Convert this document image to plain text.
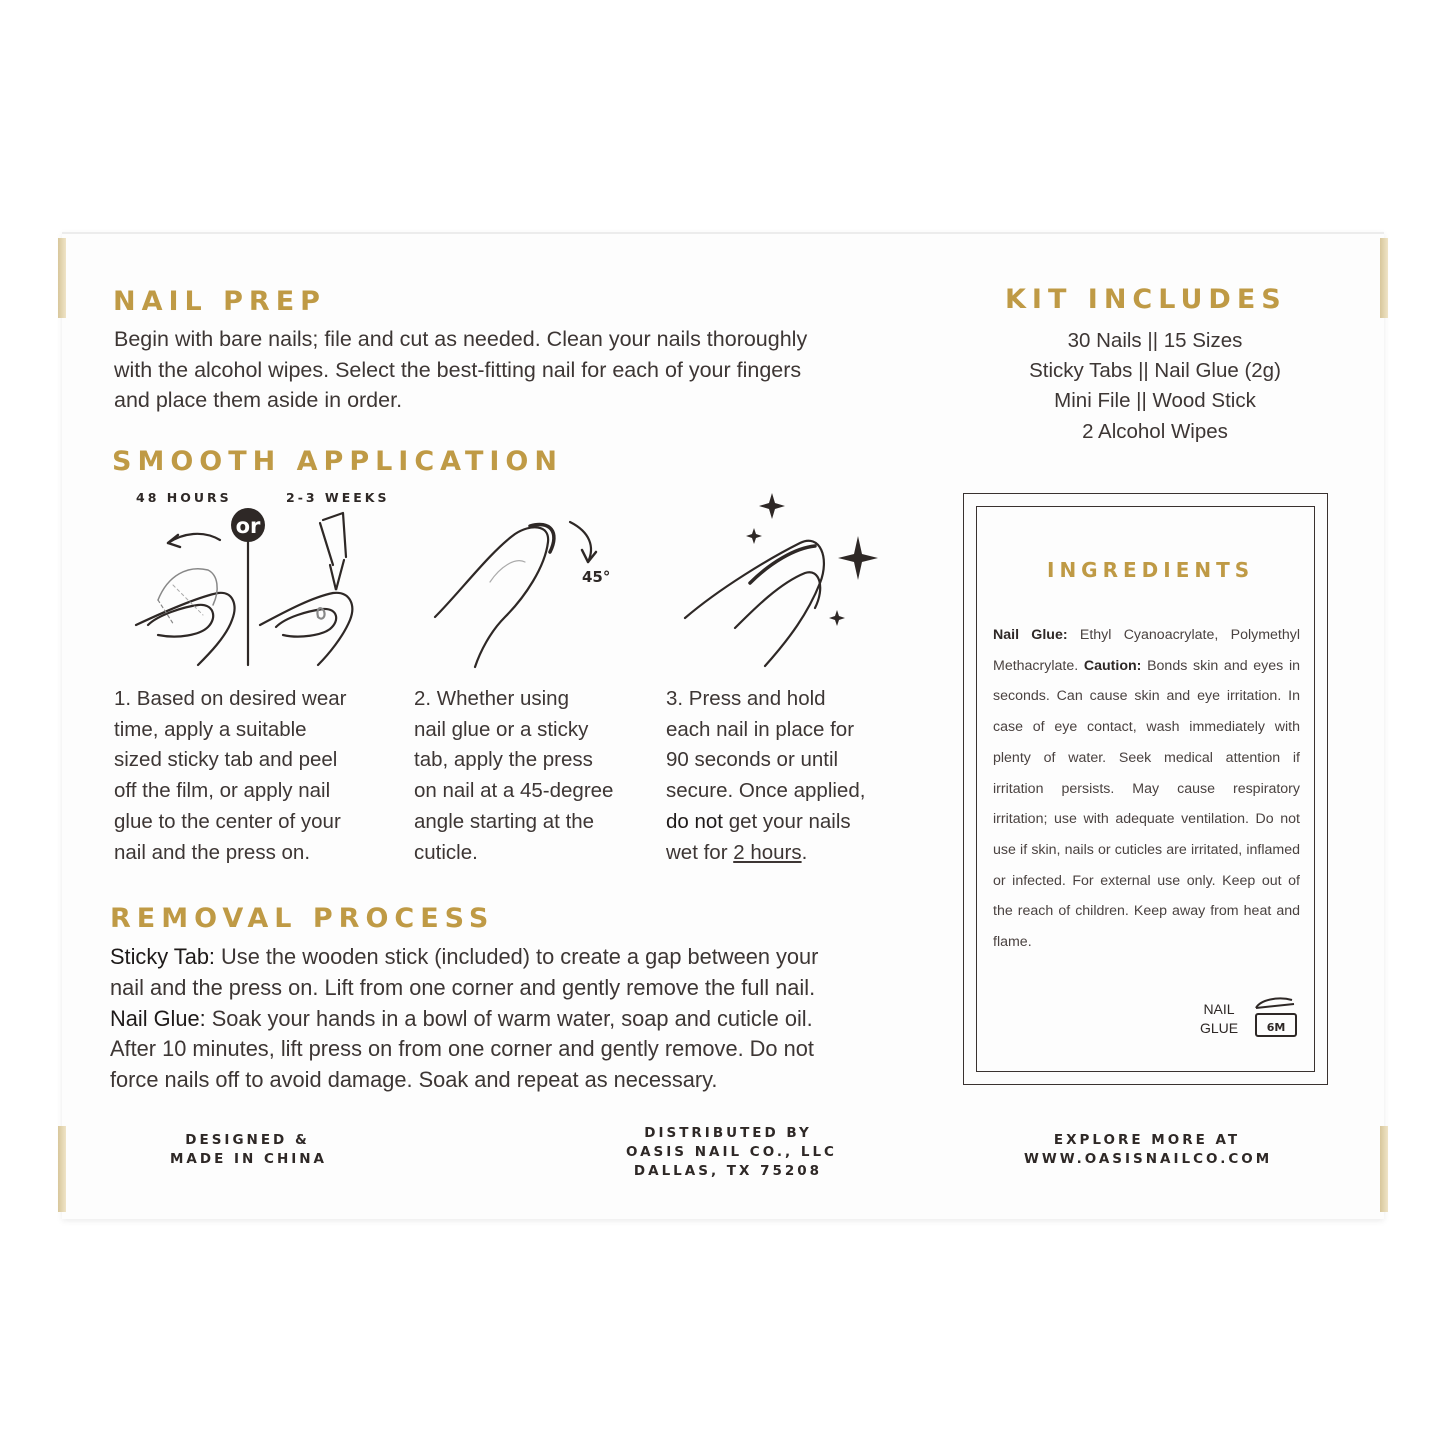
NAIL PREP
Begin with bare nails; file and cut as needed. Clean your nails thoroughly
with the alcohol wipes. Select the best-fitting nail for each of your fingers
and place them aside in order.
SMOOTH APPLICATION
48 HOURS	2-3 WEEKS
or
45°
1. Based on desired wear
time, apply a suitable
sized sticky tab and peel
off the film, or apply nail
glue to the center of your
nail and the press on.
2. Whether using
nail glue or a sticky
tab, apply the press
on nail at a 45-degree
angle starting at the
cuticle.
3. Press and hold
each nail in place for
90 seconds or until
secure. Once applied,
do not get your nails
wet for 2 hours.
REMOVAL PROCESS
Sticky Tab: Use the wooden stick (included) to create a gap between your
nail and the press on. Lift from one corner and gently remove the full nail.
Nail Glue: Soak your hands in a bowl of warm water, soap and cuticle oil.
After 10 minutes, lift press on from one corner and gently remove. Do not
force nails off to avoid damage. Soak and repeat as necessary.
KIT INCLUDES
30 Nails || 15 Sizes
Sticky Tabs || Nail Glue (2g)
Mini File || Wood Stick
2 Alcohol Wipes
INGREDIENTS

Nail Glue: Ethyl Cyanoacrylate, Polymethyl Methacrylate. Caution: Bonds skin and eyes in seconds. Can cause skin and eye irritation. In case of eye contact, wash immediately with plenty of water. Seek medical attention if irritation persists. May cause respiratory irritation; use with adequate ventilation. Do not use if skin, nails or cuticles are irritated, inflamed or infected. For external use only. Keep out of the reach of children. Keep away from heat and flame.

NAIL
GLUE	6M
DESIGNED &
MADE IN CHINA
DISTRIBUTED BY
OASIS NAIL CO., LLC
DALLAS, TX 75208
EXPLORE MORE AT
WWW.OASISNAILCO.COM
